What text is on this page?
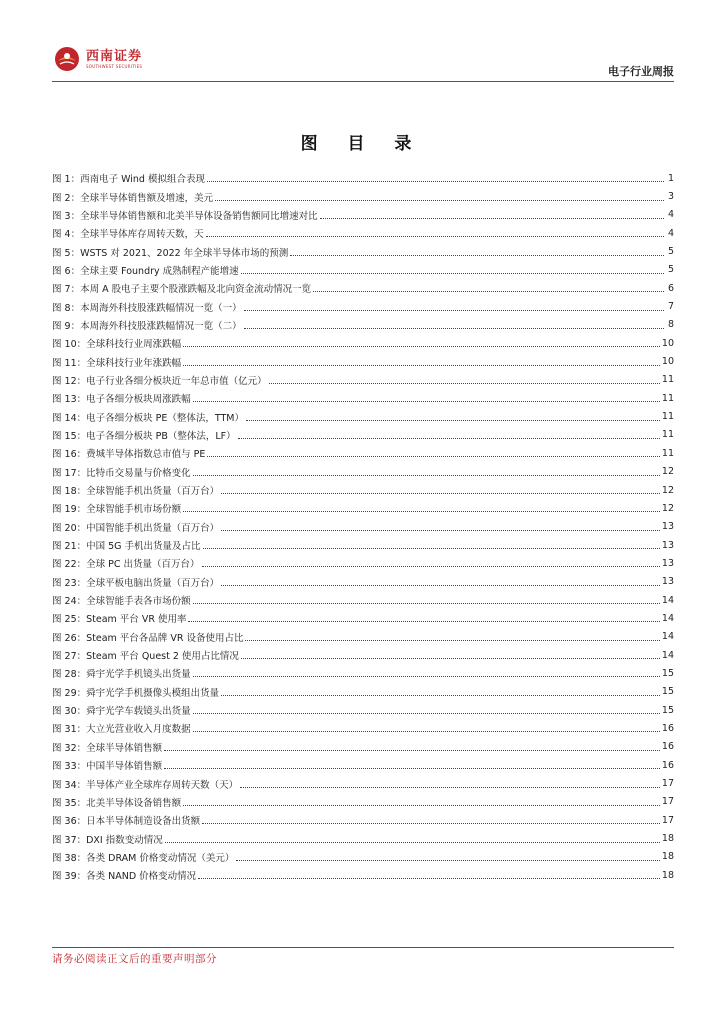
西南证券
SOUTHWEST SECURITIES	电子行业周报
图 目 录
图 1：西南电子 Wind 模拟组合表现	1
图 2：全球半导体销售额及增速，美元	3
图 3：全球半导体销售额和北美半导体设备销售额同比增速对比	4
图 4：全球半导体库存周转天数，天	4
图 5：WSTS 对 2021、2022 年全球半导体市场的预测	5
图 6：全球主要 Foundry 成熟制程产能增速	5
图 7：本周 A 股电子主要个股涨跌幅及北向资金流动情况一览	6
图 8：本周海外科技股涨跌幅情况一览（一）	7
图 9：本周海外科技股涨跌幅情况一览（二）	8
图 10：全球科技行业周涨跌幅	10
图 11：全球科技行业年涨跌幅	10
图 12：电子行业各细分板块近一年总市值（亿元）	11
图 13：电子各细分板块周涨跌幅	11
图 14：电子各细分板块 PE（整体法，TTM）	11
图 15：电子各细分板块 PB（整体法，LF）	11
图 16：费城半导体指数总市值与 PE	11
图 17：比特币交易量与价格变化	12
图 18：全球智能手机出货量（百万台）	12
图 19：全球智能手机市场份额	12
图 20：中国智能手机出货量（百万台）	13
图 21：中国 5G 手机出货量及占比	13
图 22：全球 PC 出货量（百万台）	13
图 23：全球平板电脑出货量（百万台）	13
图 24：全球智能手表各市场份额	14
图 25：Steam 平台 VR 使用率	14
图 26：Steam 平台各品牌 VR 设备使用占比	14
图 27：Steam 平台 Quest 2 使用占比情况	14
图 28：舜宇光学手机镜头出货量	15
图 29：舜宇光学手机摄像头模组出货量	15
图 30：舜宇光学车载镜头出货量	15
图 31：大立光营业收入月度数据	16
图 32：全球半导体销售额	16
图 33：中国半导体销售额	16
图 34：半导体产业全球库存周转天数（天）	17
图 35：北美半导体设备销售额	17
图 36：日本半导体制造设备出货额	17
图 37：DXI 指数变动情况	18
图 38：各类 DRAM 价格变动情况（美元）	18
图 39：各类 NAND 价格变动情况	18
请务必阅读正文后的重要声明部分
